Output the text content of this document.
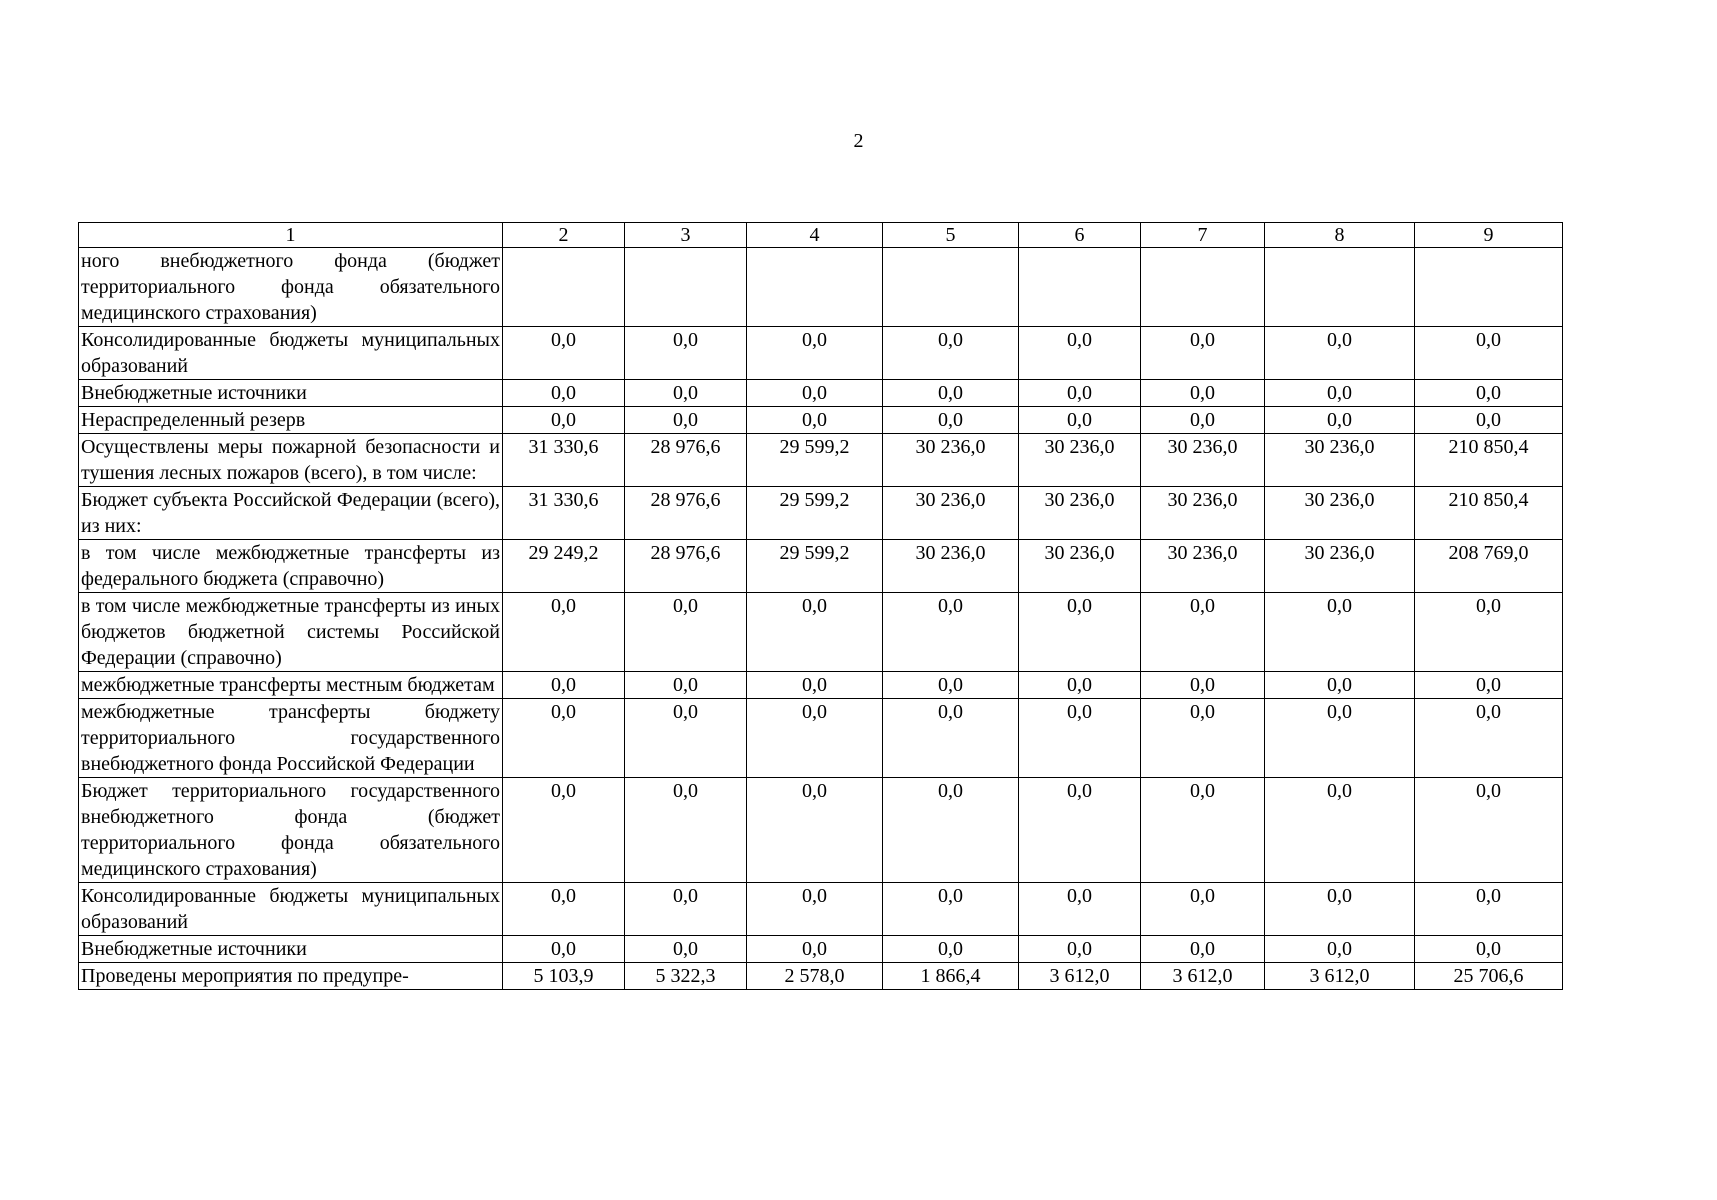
2
1	2	3	4	5	6	7	8	9
ного внебюджетного фонда (бюджет территориального фонда обязательного медицинского страхования)								
Консолидированные бюджеты муниципальных образований	0,0	0,0	0,0	0,0	0,0	0,0	0,0	0,0
Внебюджетные источники	0,0	0,0	0,0	0,0	0,0	0,0	0,0	0,0
Нераспределенный резерв	0,0	0,0	0,0	0,0	0,0	0,0	0,0	0,0
Осуществлены меры пожарной безопасности и тушения лесных пожаров (всего), в том числе:	31 330,6	28 976,6	29 599,2	30 236,0	30 236,0	30 236,0	30 236,0	210 850,4
Бюджет субъекта Российской Федерации (всего), из них:	31 330,6	28 976,6	29 599,2	30 236,0	30 236,0	30 236,0	30 236,0	210 850,4
в том числе межбюджетные трансферты из федерального бюджета (справочно)	29 249,2	28 976,6	29 599,2	30 236,0	30 236,0	30 236,0	30 236,0	208 769,0
в том числе межбюджетные трансферты из иных бюджетов бюджетной системы Российской Федерации (справочно)	0,0	0,0	0,0	0,0	0,0	0,0	0,0	0,0
межбюджетные трансферты местным бюджетам	0,0	0,0	0,0	0,0	0,0	0,0	0,0	0,0
межбюджетные трансферты бюджету территориального государственного внебюджетного фонда Российской Федерации	0,0	0,0	0,0	0,0	0,0	0,0	0,0	0,0
Бюджет территориального государственного внебюджетного фонда (бюджет территориального фонда обязательного медицинского страхования)	0,0	0,0	0,0	0,0	0,0	0,0	0,0	0,0
Консолидированные бюджеты муниципальных образований	0,0	0,0	0,0	0,0	0,0	0,0	0,0	0,0
Внебюджетные источники	0,0	0,0	0,0	0,0	0,0	0,0	0,0	0,0
Проведены мероприятия по предупре-	5 103,9	5 322,3	2 578,0	1 866,4	3 612,0	3 612,0	3 612,0	25 706,6
